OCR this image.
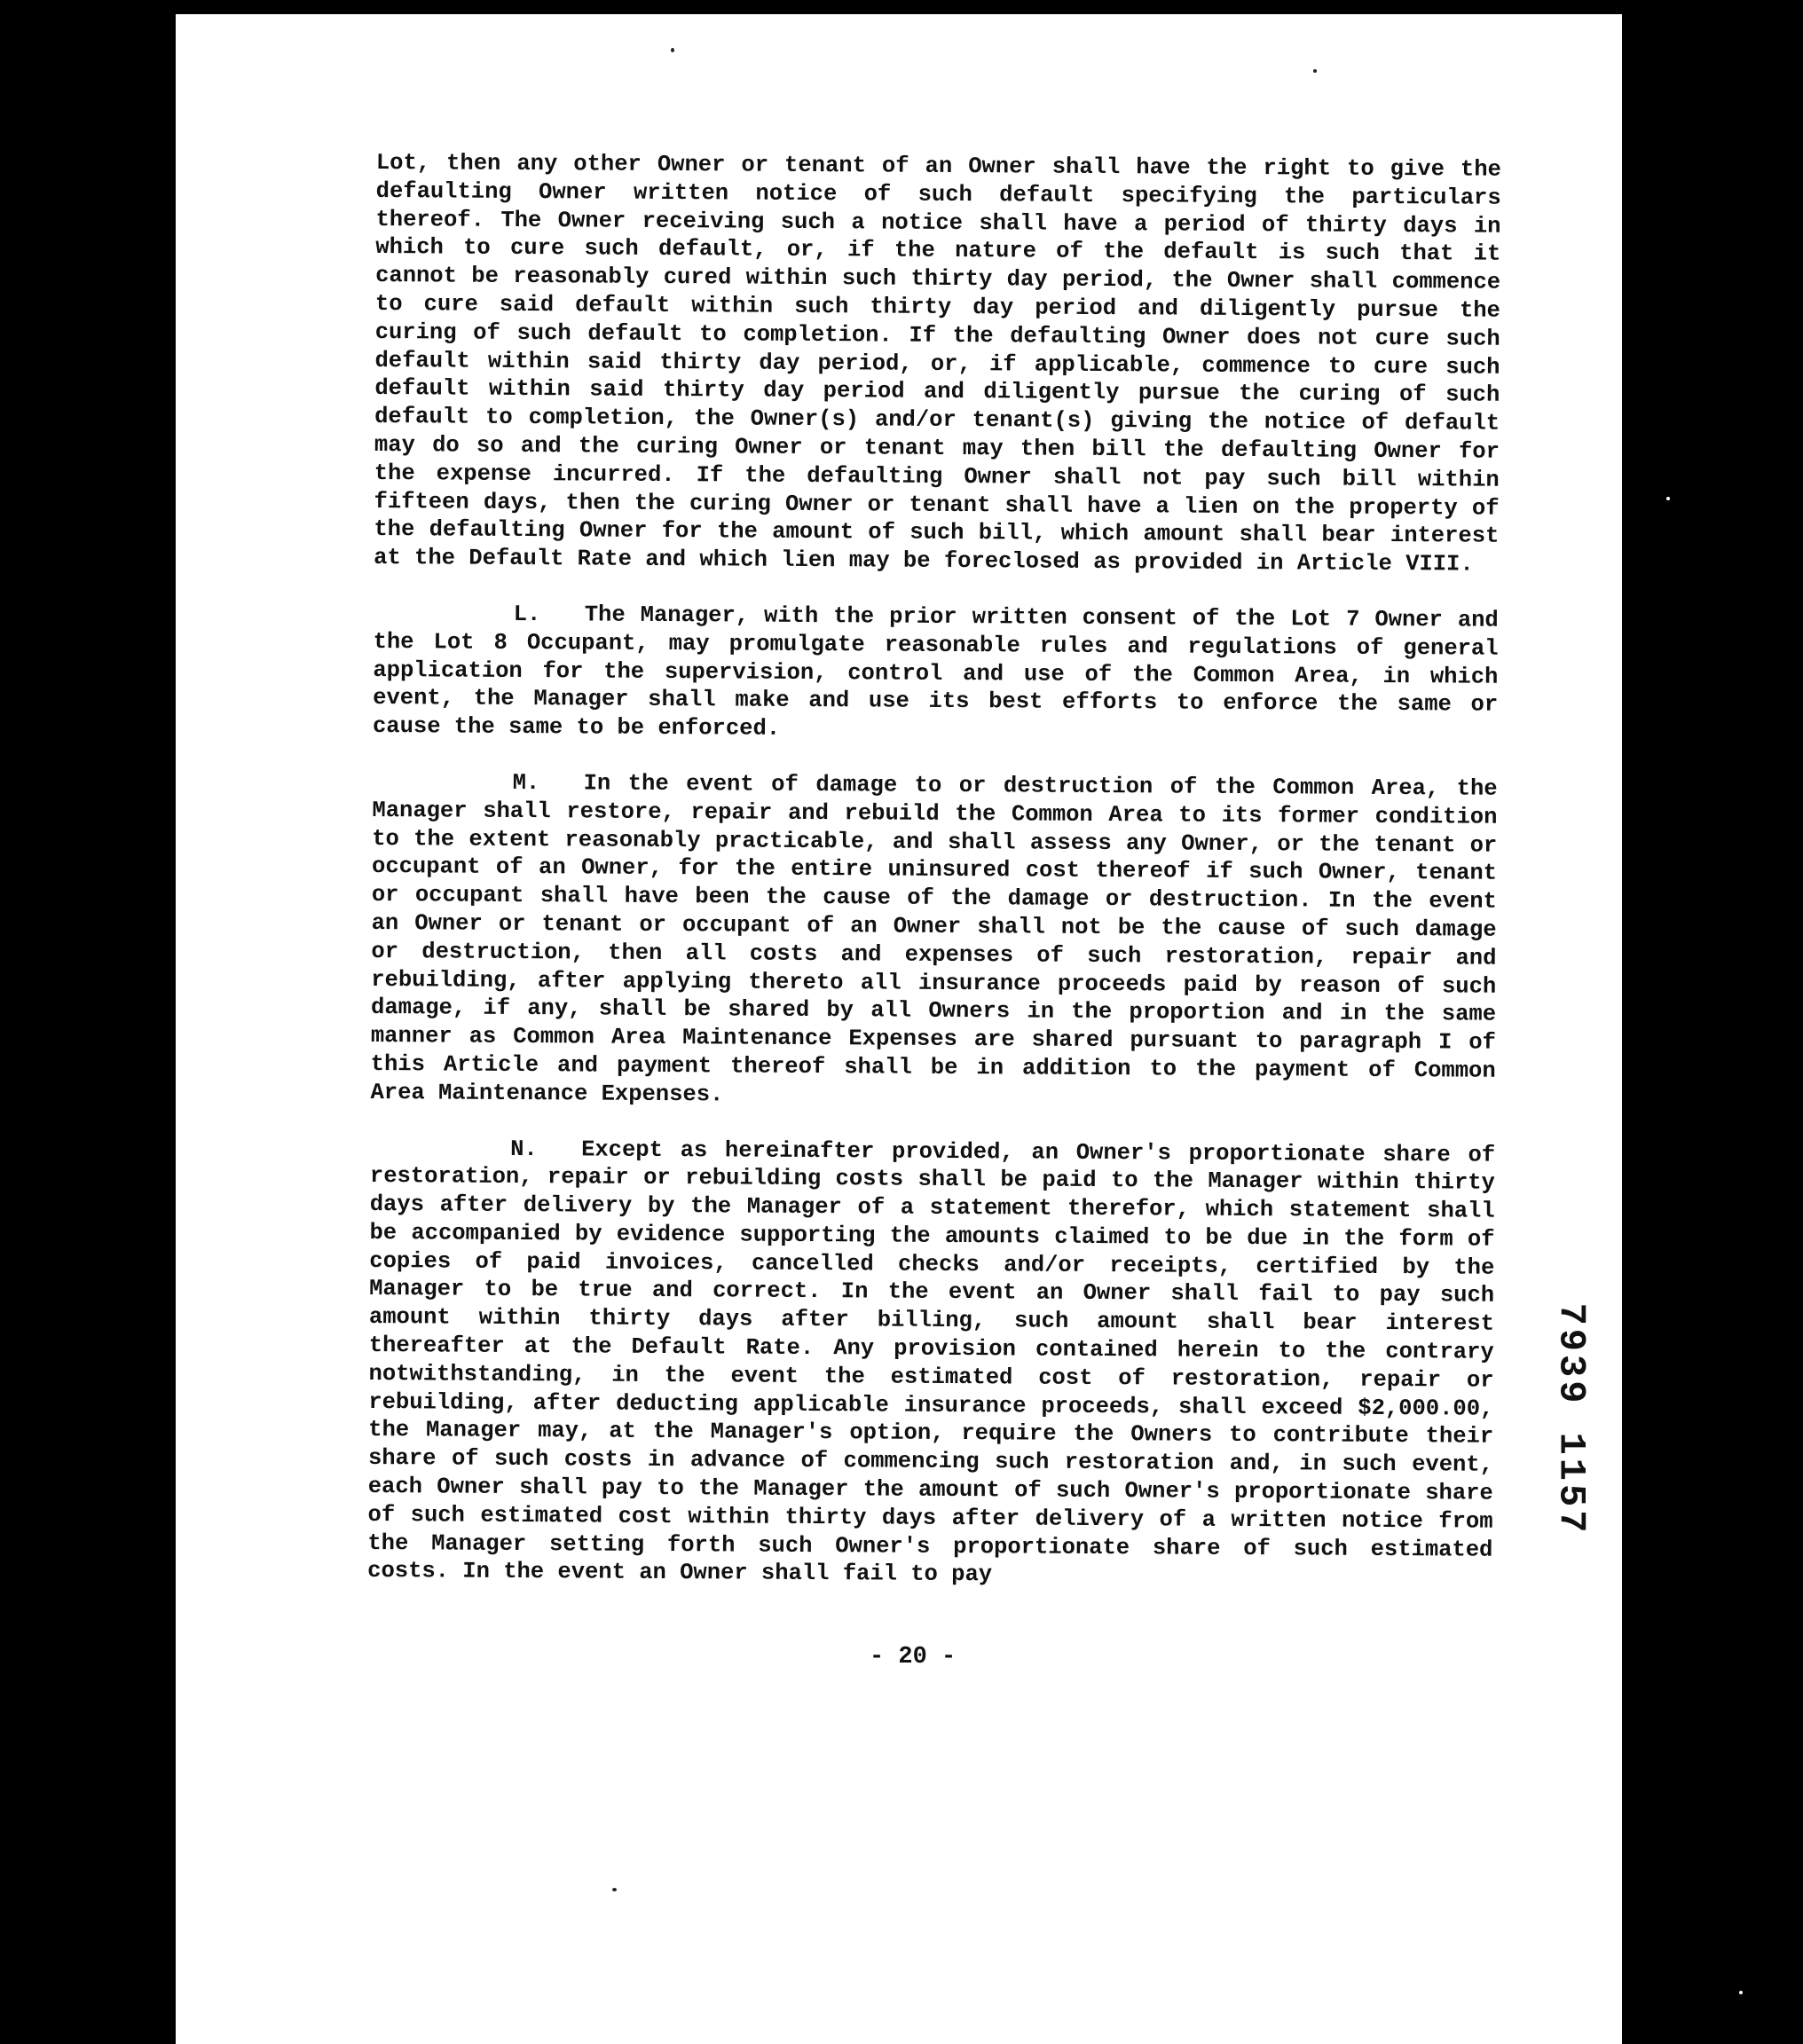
Lot, then any other Owner or tenant of an Owner shall have the right to give the defaulting Owner written notice of such default specifying the particulars thereof. The Owner receiving such a notice shall have a period of thirty days in which to cure such default, or, if the nature of the default is such that it cannot be reasonably cured within such thirty day period, the Owner shall commence to cure said default within such thirty day period and diligently pursue the curing of such default to completion. If the defaulting Owner does not cure such default within said thirty day period, or, if applicable, commence to cure such default within said thirty day period and diligently pursue the curing of such default to completion, the Owner(s) and/or tenant(s) giving the notice of default may do so and the curing Owner or tenant may then bill the defaulting Owner for the expense incurred. If the defaulting Owner shall not pay such bill within fifteen days, then the curing Owner or tenant shall have a lien on the property of the defaulting Owner for the amount of such bill, which amount shall bear interest at the Default Rate and which lien may be foreclosed as provided in Article VIII.

L. The Manager, with the prior written consent of the Lot 7 Owner and the Lot 8 Occupant, may promulgate reasonable rules and regulations of general application for the supervision, control and use of the Common Area, in which event, the Manager shall make and use its best efforts to enforce the same or cause the same to be enforced.

M. In the event of damage to or destruction of the Common Area, the Manager shall restore, repair and rebuild the Common Area to its former condition to the extent reasonably practicable, and shall assess any Owner, or the tenant or occupant of an Owner, for the entire uninsured cost thereof if such Owner, tenant or occupant shall have been the cause of the damage or destruction. In the event an Owner or tenant or occupant of an Owner shall not be the cause of such damage or destruction, then all costs and expenses of such restoration, repair and rebuilding, after applying thereto all insurance proceeds paid by reason of such damage, if any, shall be shared by all Owners in the proportion and in the same manner as Common Area Maintenance Expenses are shared pursuant to paragraph I of this Article and payment thereof shall be in addition to the payment of Common Area Maintenance Expenses.

N. Except as hereinafter provided, an Owner's proportionate share of restoration, repair or rebuilding costs shall be paid to the Manager within thirty days after delivery by the Manager of a statement therefor, which statement shall be accompanied by evidence supporting the amounts claimed to be due in the form of copies of paid invoices, cancelled checks and/or receipts, certified by the Manager to be true and correct. In the event an Owner shall fail to pay such amount within thirty days after billing, such amount shall bear interest thereafter at the Default Rate. Any provision contained herein to the contrary notwithstanding, in the event the estimated cost of restoration, repair or rebuilding, after deducting applicable insurance proceeds, shall exceed $2,000.00, the Manager may, at the Manager's option, require the Owners to contribute their share of such costs in advance of commencing such restoration and, in such event, each Owner shall pay to the Manager the amount of such Owner's proportionate share of such estimated cost within thirty days after delivery of a written notice from the Manager setting forth such Owner's proportionate share of such estimated costs. In the event an Owner shall fail to pay

- 20 -
7939 1157
